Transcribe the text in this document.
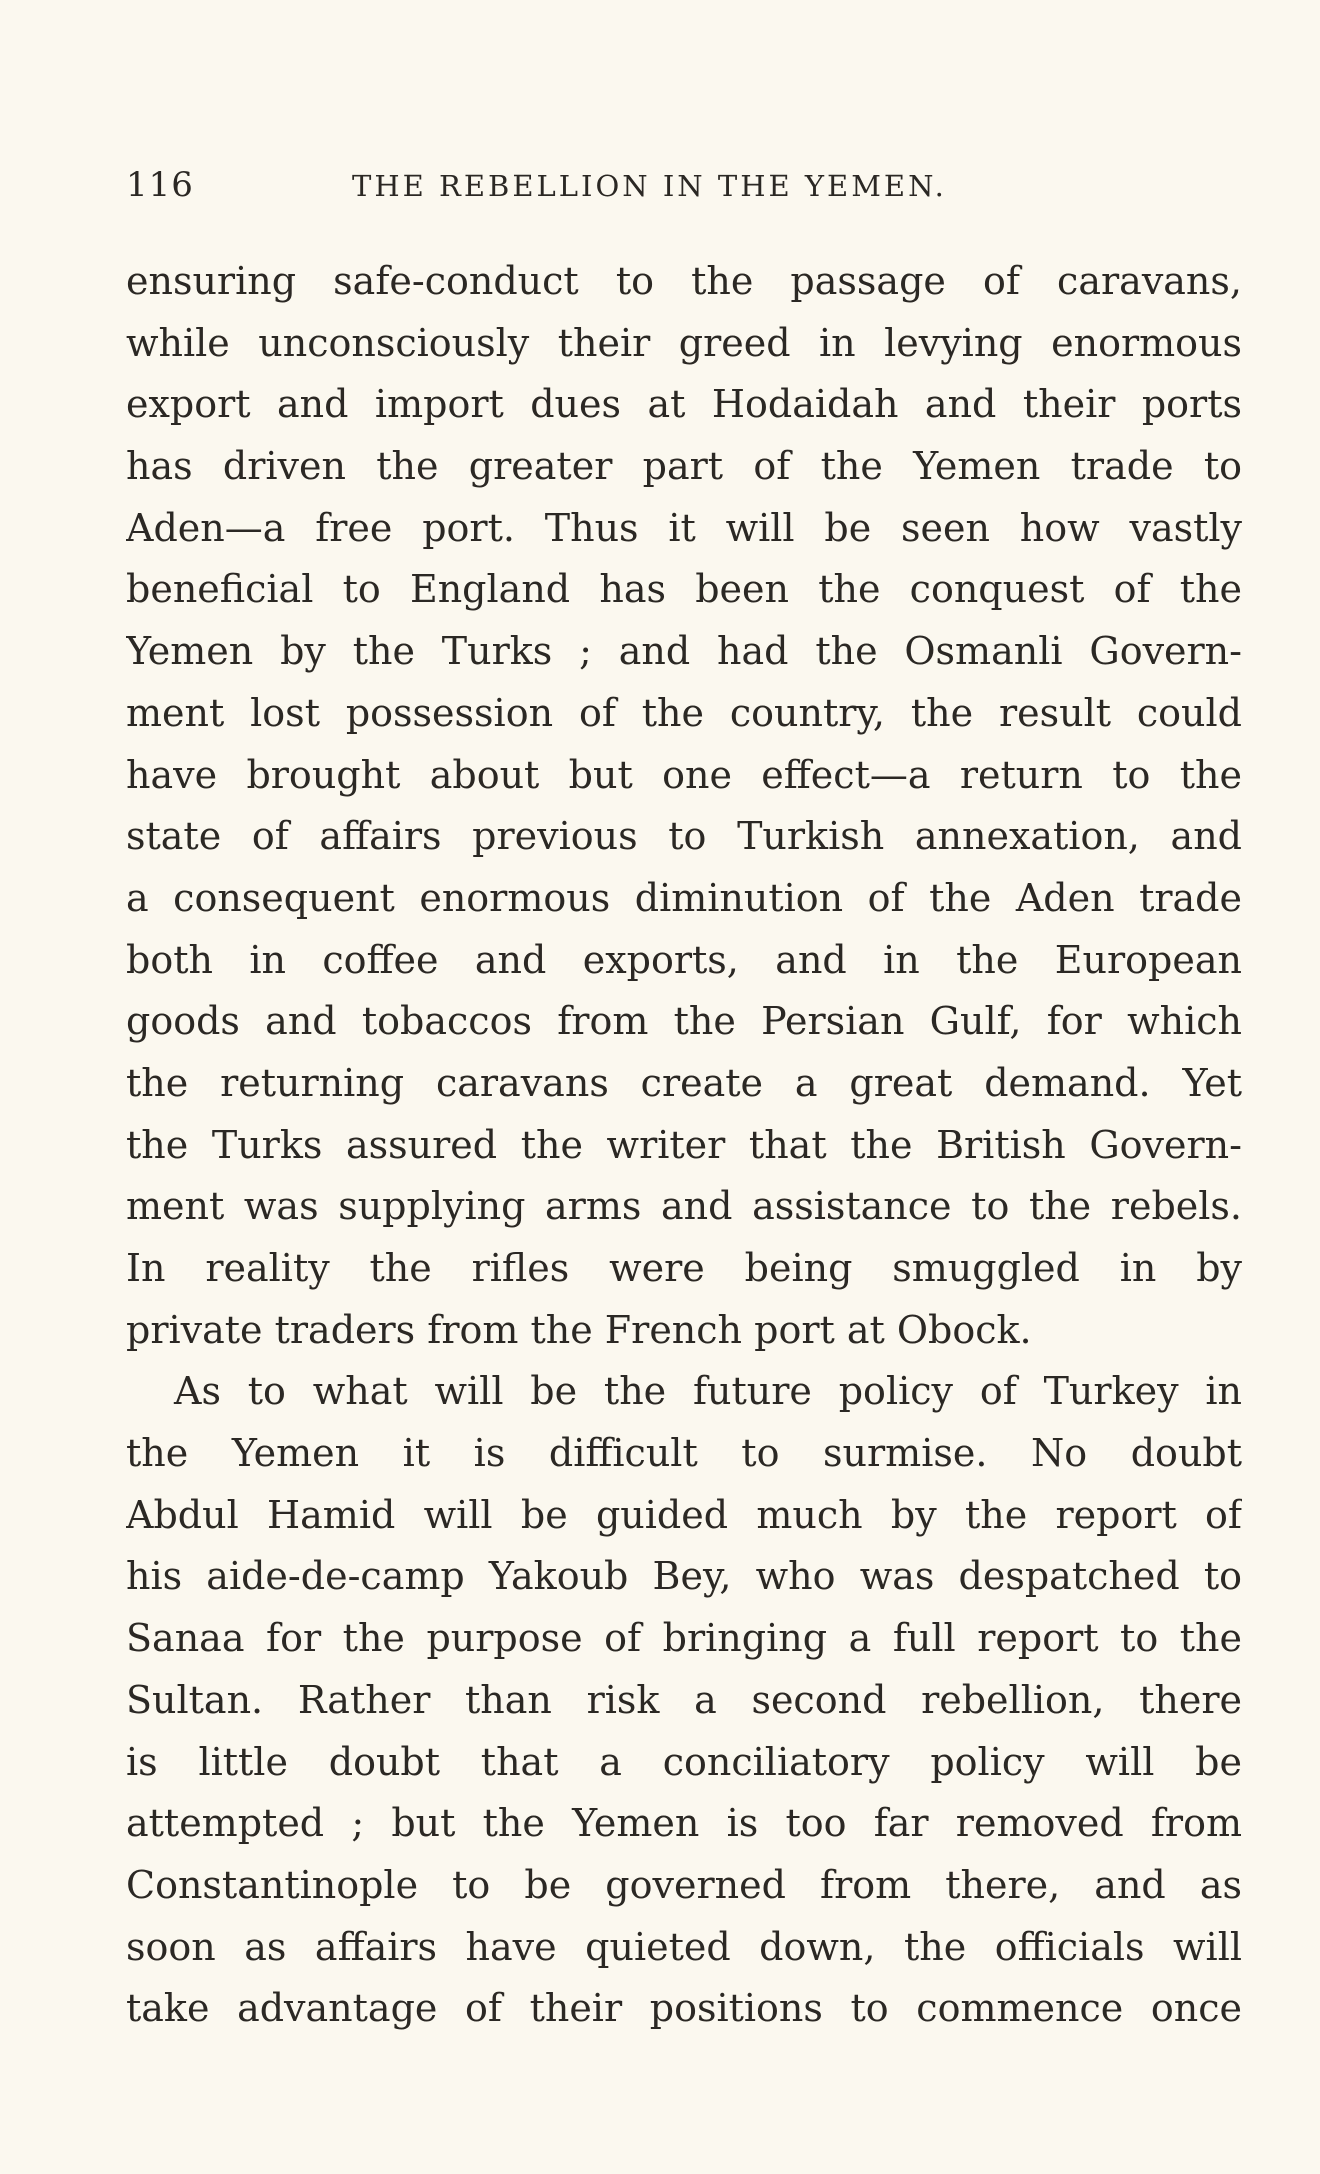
116	THE REBELLION IN THE YEMEN.
ensuring safe-conduct to the passage of caravans,
while unconsciously their greed in levying enormous
export and import dues at Hodaidah and their ports
has driven the greater part of the Yemen trade to
Aden—a free port. Thus it will be seen how vastly
beneficial to England has been the conquest of the
Yemen by the Turks ; and had the Osmanli Govern-
ment lost possession of the country, the result could
have brought about but one effect—a return to the
state of affairs previous to Turkish annexation, and
a consequent enormous diminution of the Aden trade
both in coffee and exports, and in the European
goods and tobaccos from the Persian Gulf, for which
the returning caravans create a great demand. Yet
the Turks assured the writer that the British Govern-
ment was supplying arms and assistance to the rebels.
In reality the rifles were being smuggled in by
private traders from the French port at Obock.
As to what will be the future policy of Turkey in
the Yemen it is difficult to surmise. No doubt
Abdul Hamid will be guided much by the report of
his aide-de-camp Yakoub Bey, who was despatched to
Sanaa for the purpose of bringing a full report to the
Sultan. Rather than risk a second rebellion, there
is little doubt that a conciliatory policy will be
attempted ; but the Yemen is too far removed from
Constantinople to be governed from there, and as
soon as affairs have quieted down, the officials will
take advantage of their positions to commence once
